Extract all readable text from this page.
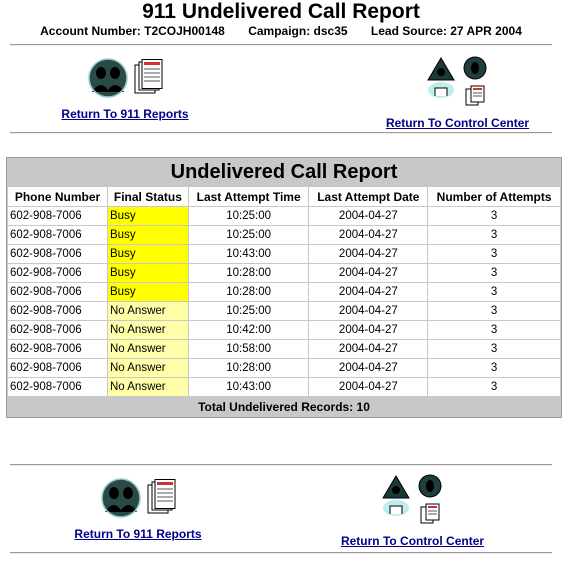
911 Undelivered Call Report
Account Number: T2COJH00148 Campaign: dsc35 Lead Source: 27 APR 2004

Return To 911 Reports

Return To Control Center
Undelivered Call Report
Phone Number	Final Status	Last Attempt Time	Last Attempt Date	Number of Attempts
602-908-7006	Busy	10:25:00	2004-04-27	3
602-908-7006	Busy	10:25:00	2004-04-27	3
602-908-7006	Busy	10:43:00	2004-04-27	3
602-908-7006	Busy	10:28:00	2004-04-27	3
602-908-7006	Busy	10:28:00	2004-04-27	3
602-908-7006	No Answer	10:25:00	2004-04-27	3
602-908-7006	No Answer	10:42:00	2004-04-27	3
602-908-7006	No Answer	10:58:00	2004-04-27	3
602-908-7006	No Answer	10:28:00	2004-04-27	3
602-908-7006	No Answer	10:43:00	2004-04-27	3
Total Undelivered Records: 10

Return To 911 Reports
	Return To Control Center
